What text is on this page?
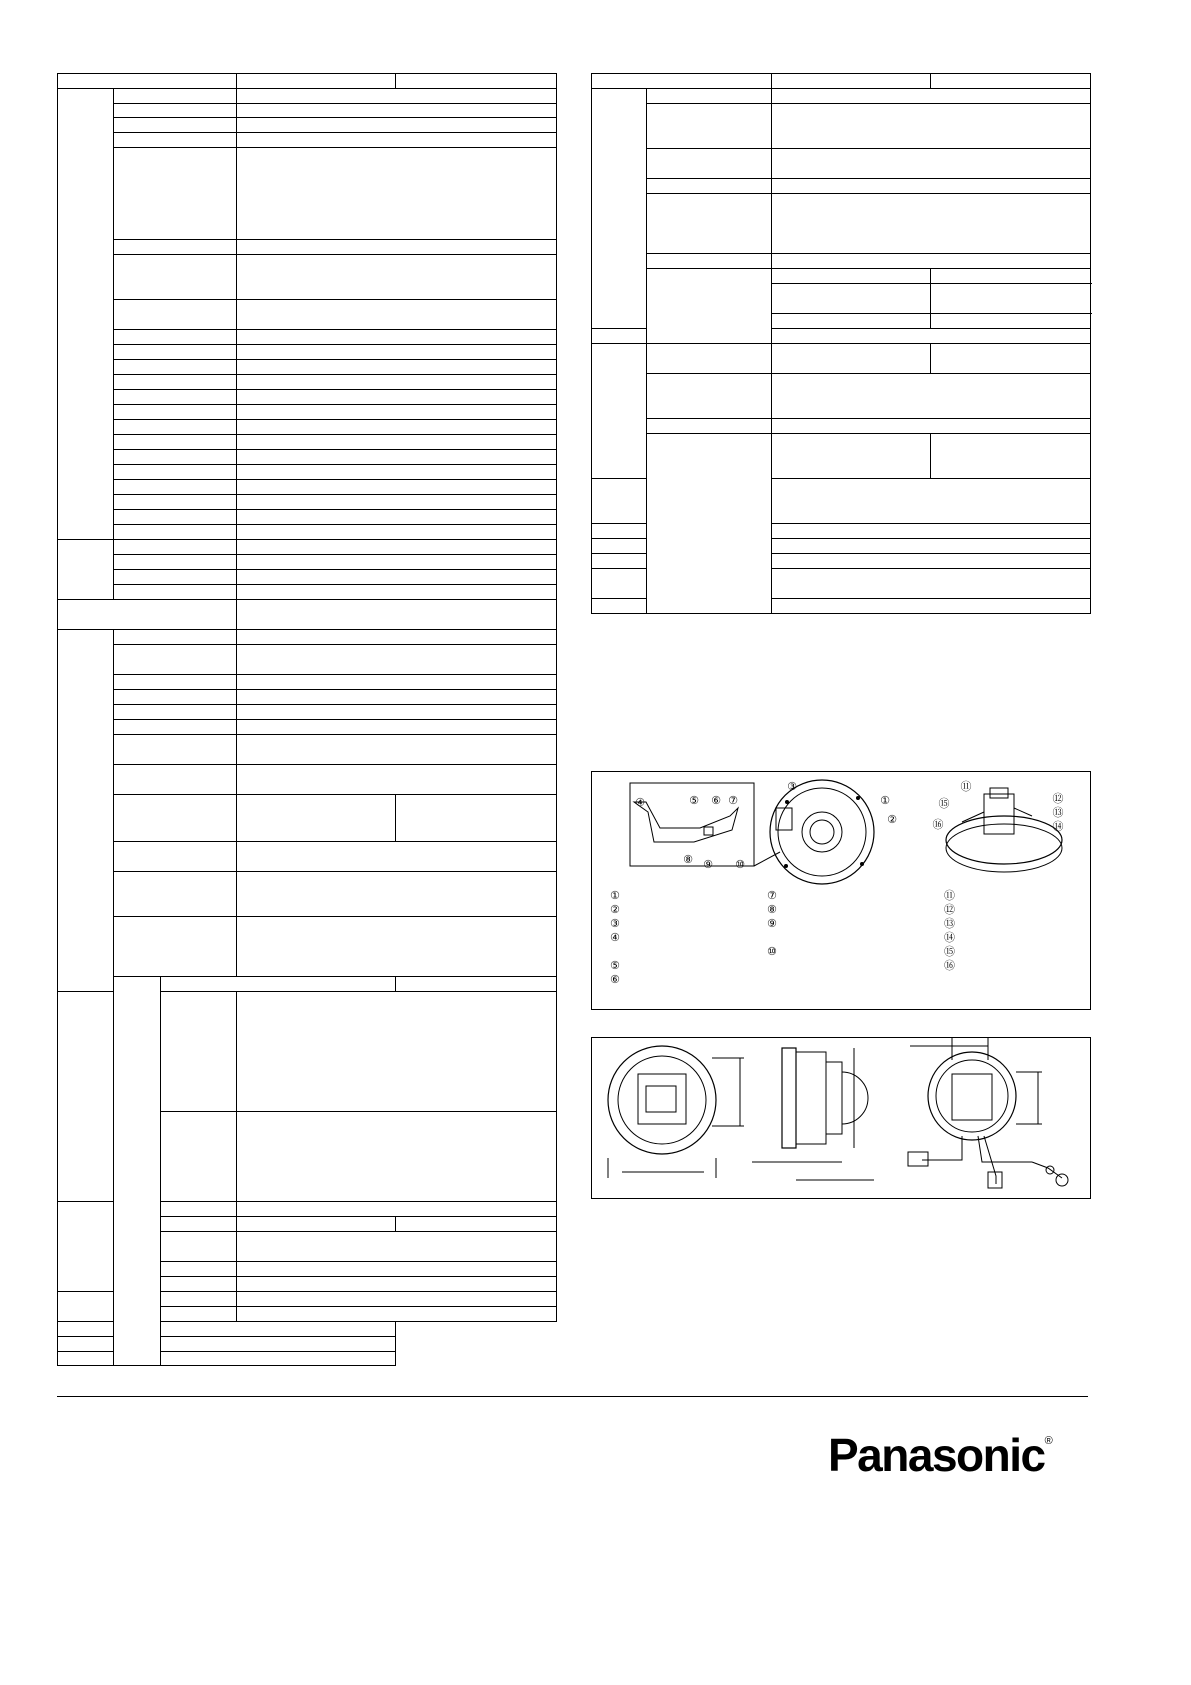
④	⑤ ⑥ ⑦
⑧ ⑨ ⑩
③
①
②
⑪
⑫
⑬
⑭
⑮
⑯
①
②
③
④
⑤
⑥
⑦
⑧
⑨
⑩
⑪
⑫
⑬
⑭
⑮
⑯
Panasonic®
